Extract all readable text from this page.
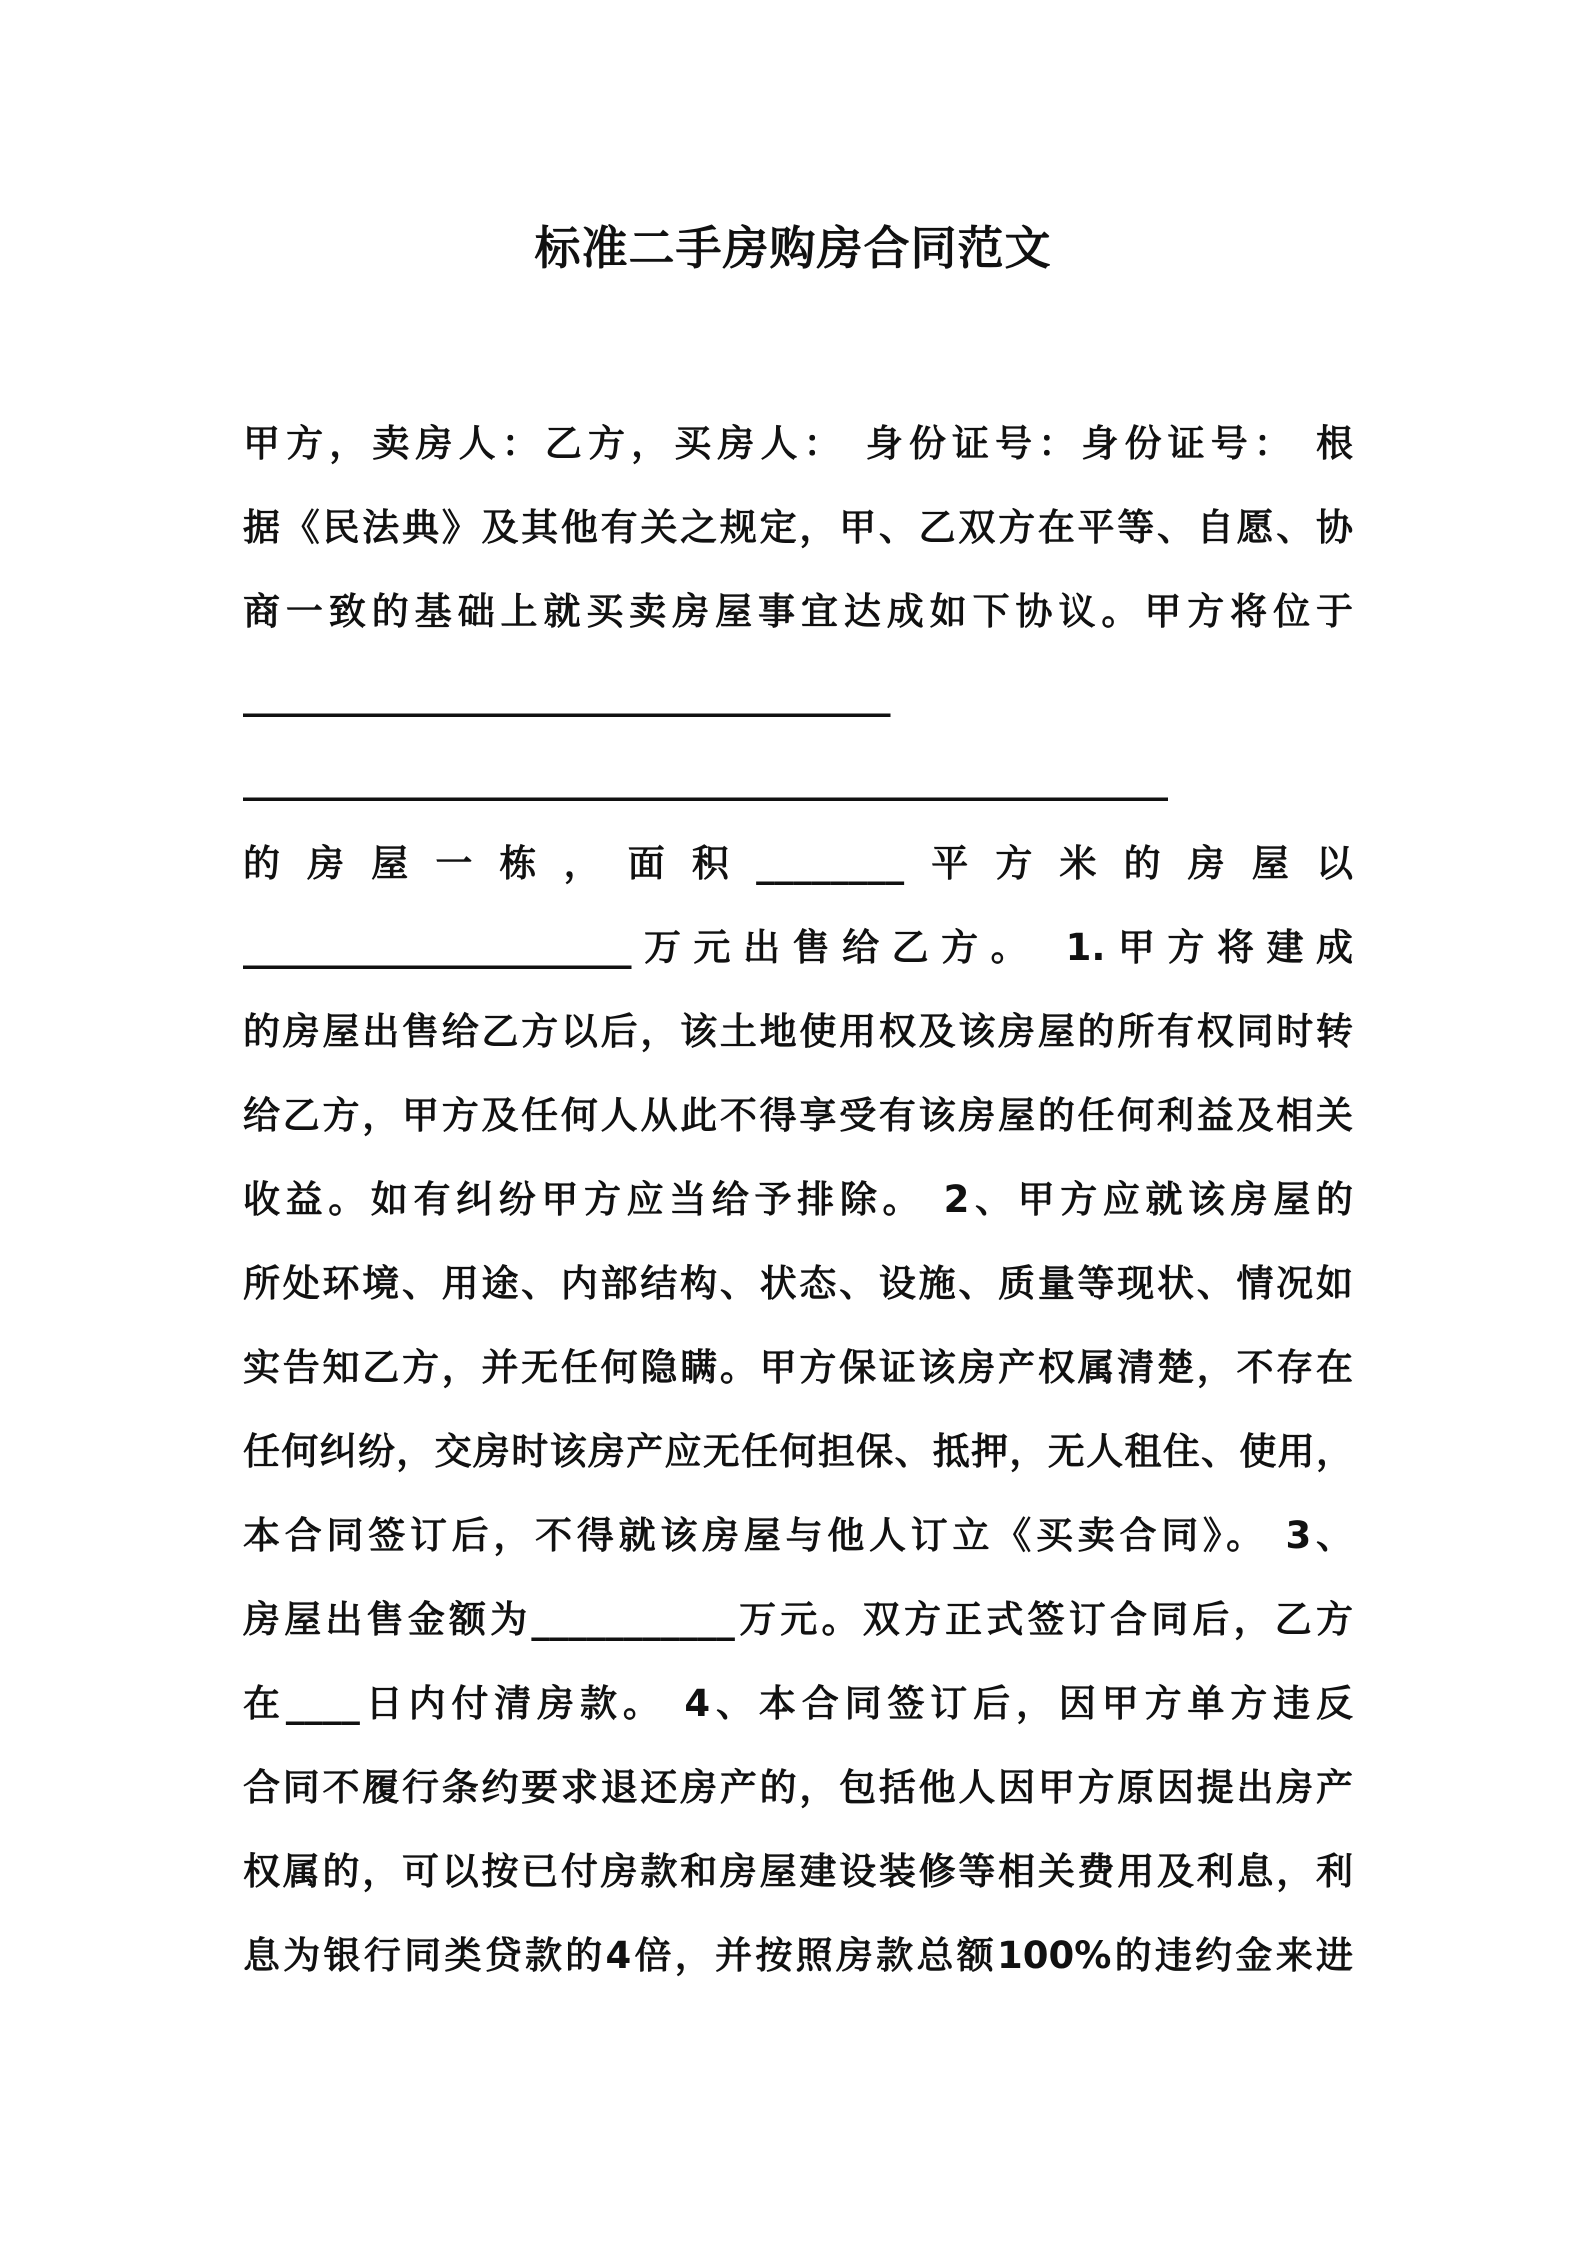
标准二手房购房合同范文
甲方，卖房人：乙方，买房人： 身份证号：身份证号： 根
据《民法典》及其他有关之规定，甲、乙双方在平等、自愿、协
商一致的基础上就买卖房屋事宜达成如下协议。甲方将位于
___________________________________
__________________________________________________
的房屋一栋，面积________平方米的房屋以
_____________________万元出售给乙方。 1.甲方将建成
的房屋出售给乙方以后，该土地使用权及该房屋的所有权同时转
给乙方，甲方及任何人从此不得享受有该房屋的任何利益及相关
收益。如有纠纷甲方应当给予排除。 2、甲方应就该房屋的
所处环境、用途、内部结构、状态、设施、质量等现状、情况如
实告知乙方，并无任何隐瞒。甲方保证该房产权属清楚，不存在
任何纠纷，交房时该房产应无任何担保、抵押，无人租住、使用，
本合同签订后，不得就该房屋与他人订立《买卖合同》。 3、
房屋出售金额为___________万元。双方正式签订合同后，乙方
在____日内付清房款。 4、本合同签订后，因甲方单方违反
合同不履行条约要求退还房产的，包括他人因甲方原因提出房产
权属的，可以按已付房款和房屋建设装修等相关费用及利息，利
息为银行同类贷款的4倍，并按照房款总额100%的违约金来进
